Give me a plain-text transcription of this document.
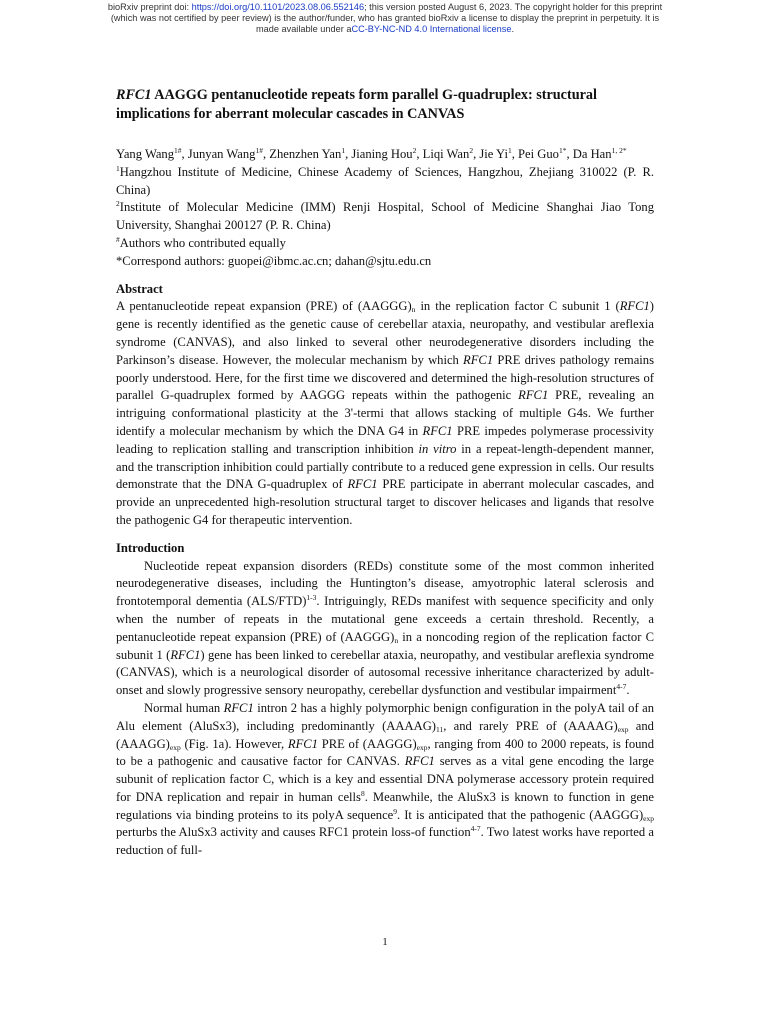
bioRxiv preprint doi: https://doi.org/10.1101/2023.08.06.552146; this version posted August 6, 2023. The copyright holder for this preprint
(which was not certified by peer review) is the author/funder, who has granted bioRxiv a license to display the preprint in perpetuity. It is
made available under aCC-BY-NC-ND 4.0 International license.

RFC1 AAGGG pentanucleotide repeats form parallel G-quadruplex: structural implications for aberrant molecular cascades in CANVAS

Yang Wang$^{1\#}$, Junyan Wang$^{1\#}$, Zhenzhen Yan$^1$, Jianing Hou$^2$, Liqi Wan$^2$, Jie Yi$^1$, Pei Guo$^{1*}$, Da Han$^{1, 2*}$

$^1$Hangzhou Institute of Medicine, Chinese Academy of Sciences, Hangzhou, Zhejiang 310022 (P. R. China)

$^2$Institute of Molecular Medicine (IMM) Renji Hospital, School of Medicine Shanghai Jiao Tong University, Shanghai 200127 (P. R. China)

#Authors who contributed equally

*Correspond authors: guopei@ibmc.ac.cn; dahan@sjtu.edu.cn

Abstract

A pentanucleotide repeat expansion (PRE) of $(AAGGG)_n$ in the replication factor C subunit 1 (RFC1) gene is recently identified as the genetic cause of cerebellar ataxia, neuropathy, and vestibular areflexia syndrome (CANVAS), and also linked to several other neurodegenerative disorders including the Parkinson’s disease. However, the molecular mechanism by which RFC1 PRE drives pathology remains poorly understood. Here, for the first time we discovered and determined the high-resolution structures of parallel G-quadruplex formed by AAGGG repeats within the pathogenic RFC1 PRE, revealing an intriguing conformational plasticity at the 3'-termi that allows stacking of multiple G4s. We further identify a molecular mechanism by which the DNA G4 in RFC1 PRE impedes polymerase processivity leading to replication stalling and transcription inhibition in vitro in a repeat-length-dependent manner, and the transcription inhibition could partially contribute to a reduced gene expression in cells. Our results demonstrate that the DNA G-quadruplex of RFC1 PRE participate in aberrant molecular cascades, and provide an unprecedented high-resolution structural target to discover helicases and ligands that resolve the pathogenic G4 for therapeutic intervention.

Introduction

Nucleotide repeat expansion disorders (REDs) constitute some of the most common inherited neurodegenerative diseases, including the Huntington’s disease, amyotrophic lateral sclerosis and frontotemporal dementia $(ALS/FTD)^{1-3}$. Intriguingly, REDs manifest with sequence specificity and only when the number of repeats in the mutational gene exceeds a certain threshold. Recently, a pentanucleotide repeat expansion (PRE) of $(AAGGG)_n$ in a noncoding region of the replication factor C subunit 1 (RFC1) gene has been linked to cerebellar ataxia, neuropathy, and vestibular areflexia syndrome (CANVAS), which is a neurological disorder of autosomal recessive inheritance characterized by adult-onset and slowly progressive sensory neuropathy, cerebellar dysfunction and vestibular impairment$^{4-7}$.

Normal human RFC1 intron 2 has a highly polymorphic benign configuration in the polyA tail of an Alu element (AluSx3), including predominantly $(AAAAG)_{11}$, and rarely PRE of $(AAAAG)_{exp}$ and $(AAAGG)_{exp}$ (Fig. 1a). However, RFC1 PRE of $(AAGGG)_{exp}$, ranging from 400 to 2000 repeats, is found to be a pathogenic and causative factor for CANVAS. RFC1 serves as a vital gene encoding the large subunit of replication factor C, which is a key and essential DNA polymerase accessory protein required for DNA replication and repair in human cells$^8$. Meanwhile, the AluSx3 is known to function in gene regulations via binding proteins to its polyA sequence$^9$. It is anticipated that the pathogenic $(AAGGG)_{exp}$ perturbs the AluSx3 activity and causes RFC1 protein loss-of function$^{4-7}$. Two latest works have reported a reduction of full-

1
